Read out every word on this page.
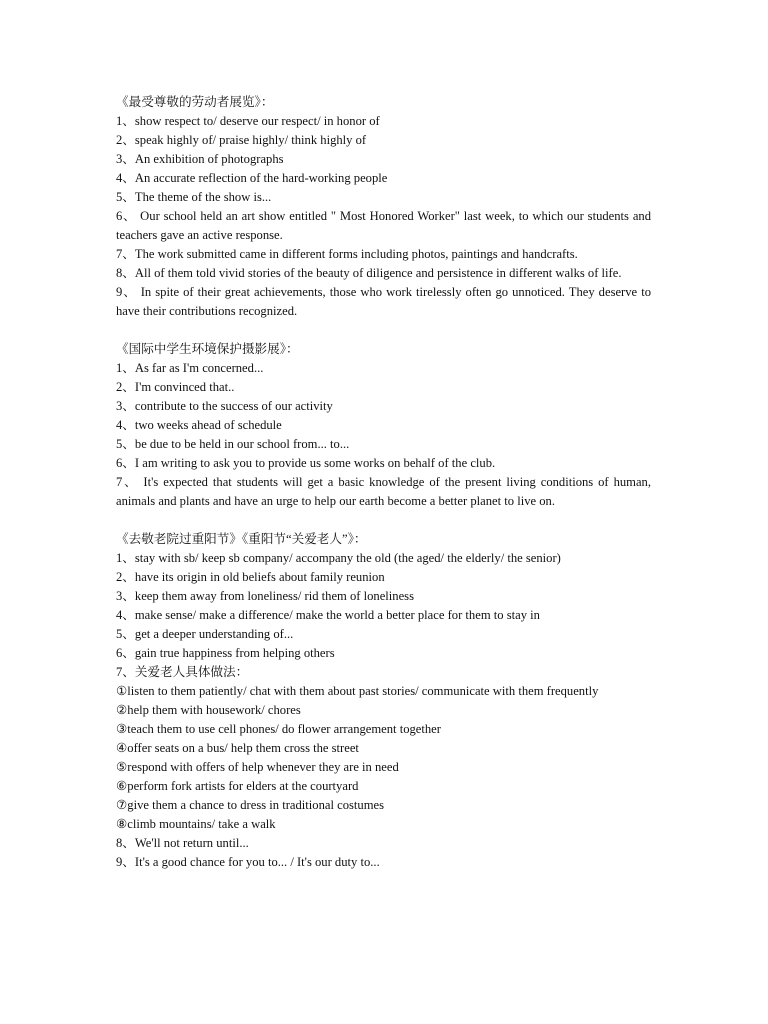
《最受尊敬的劳动者展览》：

1、show respect to/ deserve our respect/ in honor of

2、speak highly of/ praise highly/ think highly of

3、An exhibition of photographs

4、An accurate reflection of the hard-working people

5、The theme of the show is...

6、 Our school held an art show entitled " Most Honored Worker" last week, to which our students and teachers gave an active response.

7、The work submitted came in different forms including photos, paintings and handcrafts.

8、All of them told vivid stories of the beauty of diligence and persistence in different walks of life.

9、 In spite of their great achievements, those who work tirelessly often go unnoticed. They deserve to have their contributions recognized.

《国际中学生环境保护摄影展》：

1、As far as I'm concerned...

2、I'm convinced that..

3、contribute to the success of our activity

4、two weeks ahead of schedule

5、be due to be held in our school from... to...

6、I am writing to ask you to provide us some works on behalf of the club.

7、 It's expected that students will get a basic knowledge of the present living conditions of human, animals and plants and have an urge to help our earth become a better planet to live on.

《去敬老院过重阳节》《重阳节“关爱老人”》：

1、stay with sb/ keep sb company/ accompany the old (the aged/ the elderly/ the senior)

2、have its origin in old beliefs about family reunion

3、keep them away from loneliness/ rid them of loneliness

4、make sense/ make a difference/ make the world a better place for them to stay in

5、get a deeper understanding of...

6、gain true happiness from helping others

7、关爱老人具体做法：

①listen to them patiently/ chat with them about past stories/ communicate with them frequently

②help them with housework/ chores

③teach them to use cell phones/ do flower arrangement together

④offer seats on a bus/ help them cross the street

⑤respond with offers of help whenever they are in need

⑥perform fork artists for elders at the courtyard

⑦give them a chance to dress in traditional costumes

⑧climb mountains/ take a walk

8、We'll not return until...

9、It's a good chance for you to... / It's our duty to...
